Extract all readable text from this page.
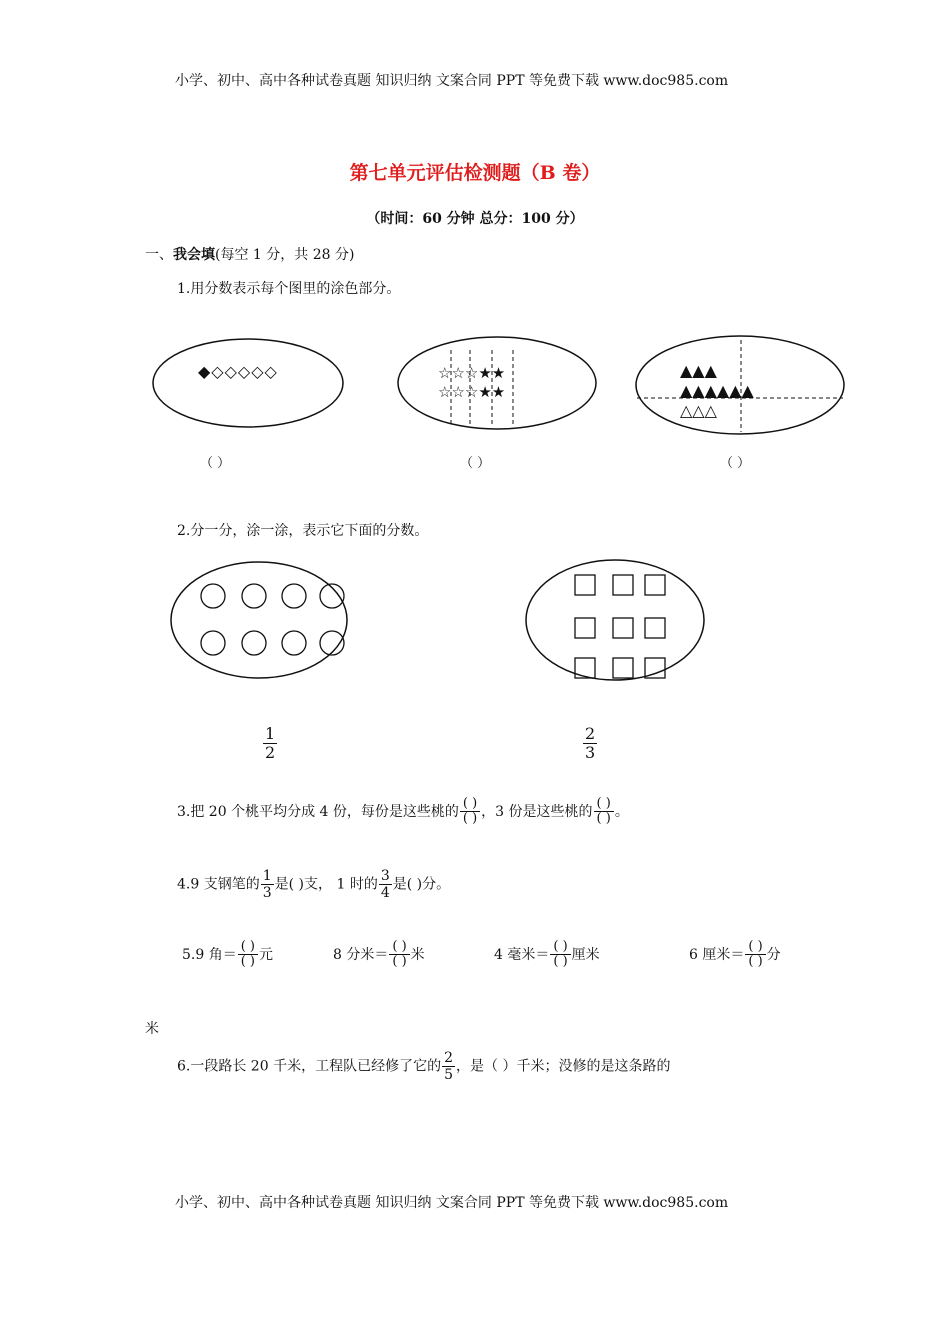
小学、初中、高中各种试卷真题 知识归纳 文案合同 PPT 等免费下载 www.doc985.com
第七单元评估检测题（B 卷）
（时间：60 分钟 总分：100 分）
一、我会填(每空 1 分，共 28 分)
1.用分数表示每个图里的涂色部分。
◆◇◇◇◇◇	☆☆☆★★
☆☆☆★★
▲▲▲
▲▲▲▲▲▲
△△△
（ ）	（ ）	（ ）
2.分一分，涂一涂，表示它下面的分数。
$\frac{1}{2}$	$\frac{2}{3}$
3.把 20 个桃平均分成 4 份，每份是这些桃的
( )
( ) ，3 份是这些桃的
( )
( ) 。
4.9 支钢笔的 $\frac{1}{3}$ 是( )支， 1 时的 $\frac{3}{4}$ 是( )分。
5.9 角＝
( )
( ) 元	8 分米＝
( )
( ) 米	4 毫米＝
( )
( ) 厘米	6 厘米＝
( )
( ) 分
米
6.一段路长 20 千米，工程队已经修了它的 $\frac{2}{5}$ ，是（ ）千米；没修的是这条路的
小学、初中、高中各种试卷真题 知识归纳 文案合同 PPT 等免费下载 www.doc985.com
